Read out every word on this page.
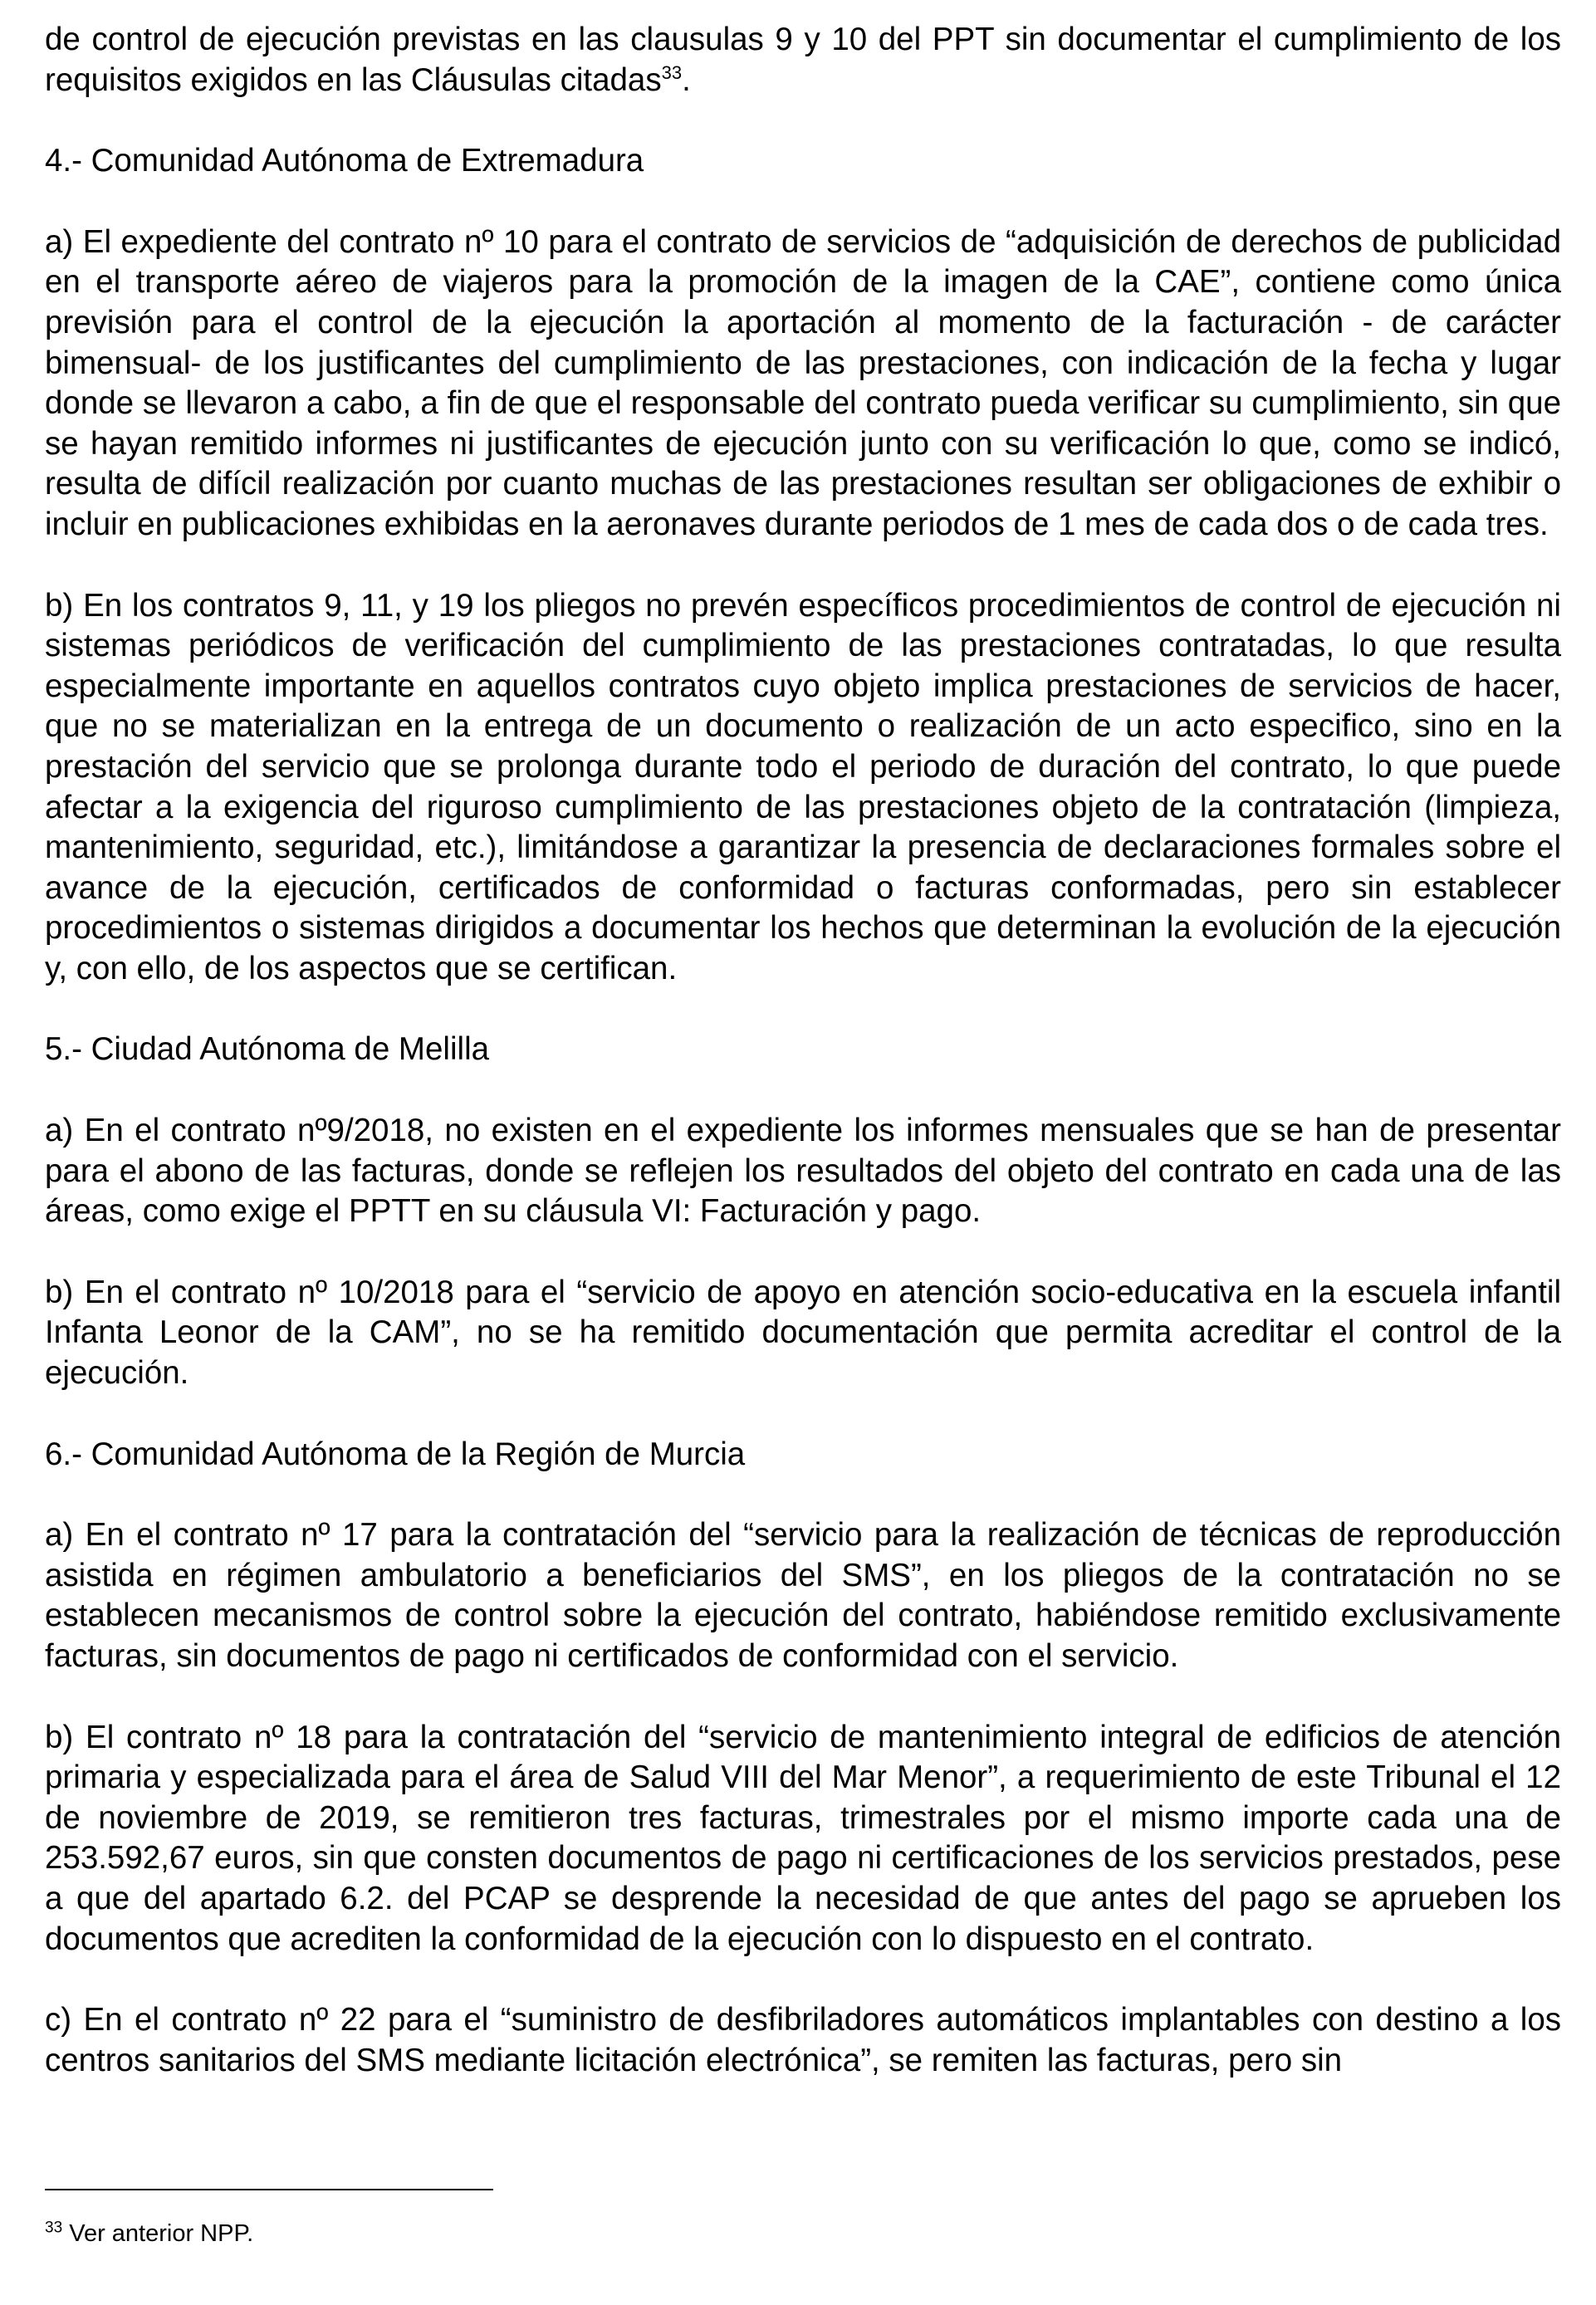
de control de ejecución previstas en las clausulas 9 y 10 del PPT sin documentar el cumplimiento de los requisitos exigidos en las Cláusulas citadas$^{33}$.

4.- Comunidad Autónoma de Extremadura

a) El expediente del contrato nº 10 para el contrato de servicios de “adquisición de derechos de publicidad en el transporte aéreo de viajeros para la promoción de la imagen de la CAE”, contiene como única previsión para el control de la ejecución la aportación al momento de la facturación - de carácter bimensual- de los justificantes del cumplimiento de las prestaciones, con indicación de la fecha y lugar donde se llevaron a cabo, a fin de que el responsable del contrato pueda verificar su cumplimiento, sin que se hayan remitido informes ni justificantes de ejecución junto con su verificación lo que, como se indicó, resulta de difícil realización por cuanto muchas de las prestaciones resultan ser obligaciones de exhibir o incluir en publicaciones exhibidas en la aeronaves durante periodos de 1 mes de cada dos o de cada tres.

b) En los contratos 9, 11, y 19 los pliegos no prevén específicos procedimientos de control de ejecución ni sistemas periódicos de verificación del cumplimiento de las prestaciones contratadas, lo que resulta especialmente importante en aquellos contratos cuyo objeto implica prestaciones de servicios de hacer, que no se materializan en la entrega de un documento o realización de un acto especifico, sino en la prestación del servicio que se prolonga durante todo el periodo de duración del contrato, lo que puede afectar a la exigencia del riguroso cumplimiento de las prestaciones objeto de la contratación (limpieza, mantenimiento, seguridad, etc.), limitándose a garantizar la presencia de declaraciones formales sobre el avance de la ejecución, certificados de conformidad o facturas conformadas, pero sin establecer procedimientos o sistemas dirigidos a documentar los hechos que determinan la evolución de la ejecución y, con ello, de los aspectos que se certifican.

5.- Ciudad Autónoma de Melilla

a) En el contrato nº9/2018, no existen en el expediente los informes mensuales que se han de presentar para el abono de las facturas, donde se reflejen los resultados del objeto del contrato en cada una de las áreas, como exige el PPTT en su cláusula VI: Facturación y pago.

b) En el contrato nº 10/2018 para el “servicio de apoyo en atención socio-educativa en la escuela infantil Infanta Leonor de la CAM”, no se ha remitido documentación que permita acreditar el control de la ejecución.

6.- Comunidad Autónoma de la Región de Murcia

a) En el contrato nº 17 para la contratación del “servicio para la realización de técnicas de reproducción asistida en régimen ambulatorio a beneficiarios del SMS”, en los pliegos de la contratación no se establecen mecanismos de control sobre la ejecución del contrato, habiéndose remitido exclusivamente facturas, sin documentos de pago ni certificados de conformidad con el servicio.

b) El contrato nº 18 para la contratación del “servicio de mantenimiento integral de edificios de atención primaria y especializada para el área de Salud VIII del Mar Menor”, a requerimiento de este Tribunal el 12 de noviembre de 2019, se remitieron tres facturas, trimestrales por el mismo importe cada una de 253.592,67 euros, sin que consten documentos de pago ni certificaciones de los servicios prestados, pese a que del apartado 6.2. del PCAP se desprende la necesidad de que antes del pago se aprueben los documentos que acrediten la conformidad de la ejecución con lo dispuesto en el contrato.

c) En el contrato nº 22 para el “suministro de desfibriladores automáticos implantables con destino a los centros sanitarios del SMS mediante licitación electrónica”, se remiten las facturas, pero sin

$^{33}$ Ver anterior NPP.
